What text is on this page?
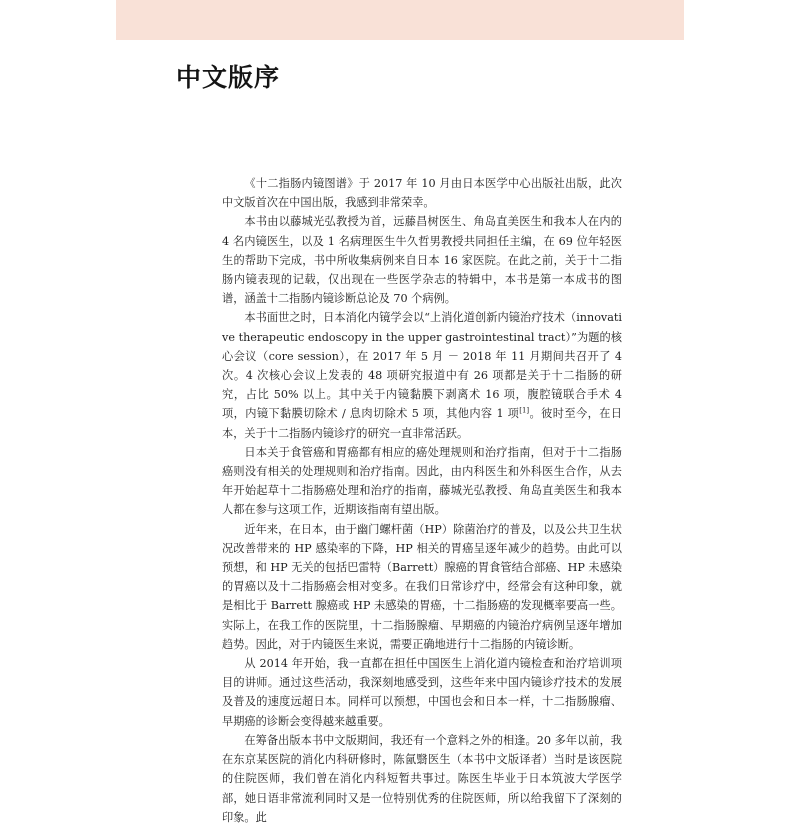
中文版序

《十二指肠内镜图谱》于 2017 年 10 月由日本医学中心出版社出版，此次中文版首次在中国出版，我感到非常荣幸。

本书由以藤城光弘教授为首，远藤昌树医生、角岛直美医生和我本人在内的 4 名内镜医生，以及 1 名病理医生牛久哲男教授共同担任主编，在 69 位年轻医生的帮助下完成，书中所收集病例来自日本 16 家医院。在此之前，关于十二指肠内镜表现的记载，仅出现在一些医学杂志的特辑中，本书是第一本成书的图谱，涵盖十二指肠内镜诊断总论及 70 个病例。

本书面世之时，日本消化内镜学会以“上消化道创新内镜治疗技术（innovative therapeutic endoscopy in the upper gastrointestinal tract）”为题的核心会议（core session），在 2017 年 5 月 － 2018 年 11 月期间共召开了 4 次。4 次核心会议上发表的 48 项研究报道中有 26 项都是关于十二指肠的研究，占比 50% 以上。其中关于内镜黏膜下剥离术 16 项，腹腔镜联合手术 4 项，内镜下黏膜切除术 / 息肉切除术 5 项，其他内容 1 项[1]。彼时至今，在日本，关于十二指肠内镜诊疗的研究一直非常活跃。

日本关于食管癌和胃癌都有相应的癌处理规则和治疗指南，但对于十二指肠癌则没有相关的处理规则和治疗指南。因此，由内科医生和外科医生合作，从去年开始起草十二指肠癌处理和治疗的指南，藤城光弘教授、角岛直美医生和我本人都在参与这项工作，近期该指南有望出版。

近年来，在日本，由于幽门螺杆菌（HP）除菌治疗的普及，以及公共卫生状况改善带来的 HP 感染率的下降，HP 相关的胃癌呈逐年减少的趋势。由此可以预想，和 HP 无关的包括巴雷特（Barrett）腺癌的胃食管结合部癌、HP 未感染的胃癌以及十二指肠癌会相对变多。在我们日常诊疗中，经常会有这种印象，就是相比于 Barrett 腺癌或 HP 未感染的胃癌，十二指肠癌的发现概率要高一些。实际上，在我工作的医院里，十二指肠腺瘤、早期癌的内镜治疗病例呈逐年增加趋势。因此，对于内镜医生来说，需要正确地进行十二指肠的内镜诊断。

从 2014 年开始，我一直都在担任中国医生上消化道内镜检查和治疗培训项目的讲师。通过这些活动，我深刻地感受到，这些年来中国内镜诊疗技术的发展及普及的速度远超日本。同样可以预想，中国也会和日本一样，十二指肠腺瘤、早期癌的诊断会变得越来越重要。

在筹备出版本书中文版期间，我还有一个意料之外的相逢。20 多年以前，我在东京某医院的消化内科研修时，陈氤翳医生（本书中文版译者）当时是该医院的住院医师，我们曾在消化内科短暂共事过。陈医生毕业于日本筑波大学医学部，她日语非常流利同时又是一位特别优秀的住院医师，所以给我留下了深刻的印象。此
